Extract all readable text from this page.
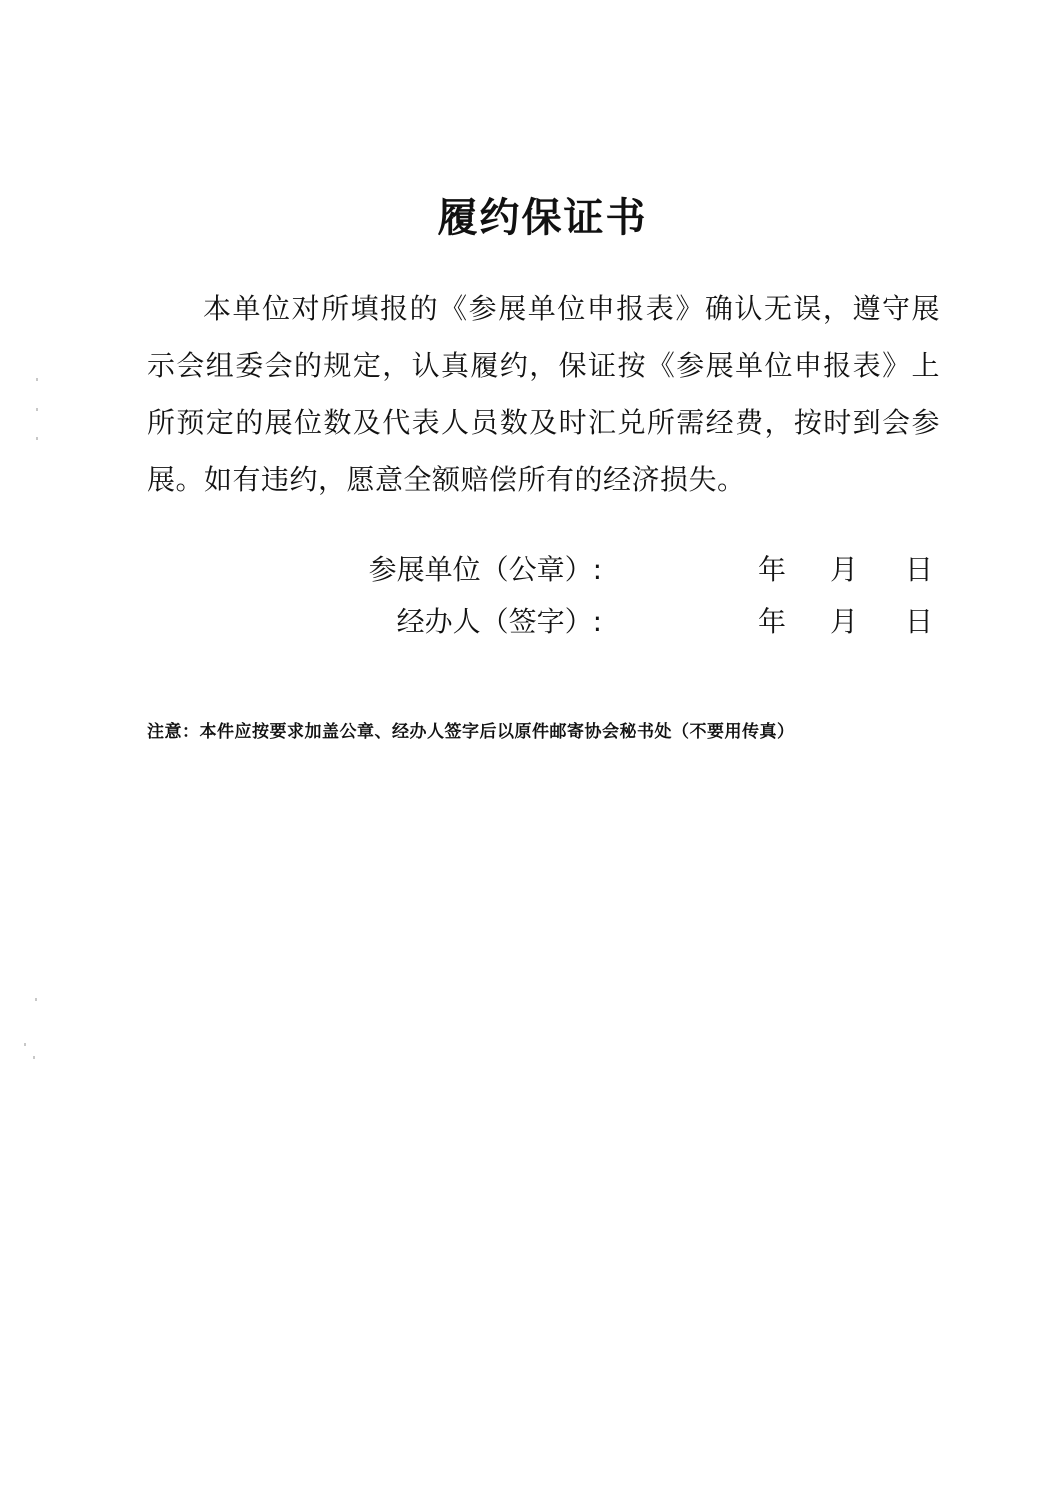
履约保证书

本单位对所填报的《参展单位申报表》确认无误，遵守展示会组委会的规定，认真履约，保证按《参展单位申报表》上所预定的展位数及代表人员数及时汇兑所需经费，按时到会参展。如有违约，愿意全额赔偿所有的经济损失。

参展单位（公章）:	年 月 日
经办人（签字）:	年 月 日
注意：本件应按要求加盖公章、经办人签字后以原件邮寄协会秘书处（不要用传真）
